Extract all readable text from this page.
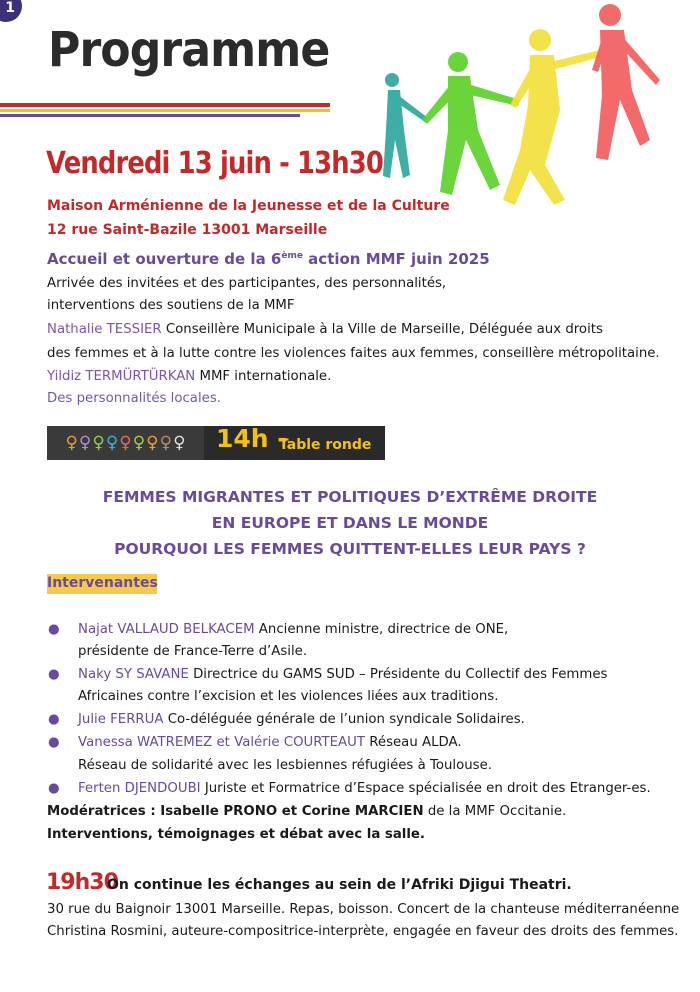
1
Programme
Vendredi 13 juin - 13h30
Maison Arménienne de la Jeunesse et de la Culture
12 rue Saint-Bazile 13001 Marseille
Accueil et ouverture de la 6ème action MMF juin 2025
Arrivée des invitées et des participantes, des personnalités,
interventions des soutiens de la MMF
Nathalie TESSIER Conseillère Municipale à la Ville de Marseille, Déléguée aux droits
des femmes et à la lutte contre les violences faites aux femmes, conseillère métropolitaine.
Yildiz TERMÜRTÜRKAN MMF internationale.
Des personnalités locales.
♀ ♀ ♀ ♀ ♀ ♀ ♀ ♀ ♀ 14h -
Table ronde
FEMMES MIGRANTES ET POLITIQUES D’EXTRÊME DROITE
EN EUROPE ET DANS LE MONDE
POURQUOI LES FEMMES QUITTENT-ELLES LEUR PAYS ?
Intervenantes
● Najat VALLAUD BELKACEM Ancienne ministre, directrice de ONE,
présidente de France-Terre d’Asile.
● Naky SY SAVANE Directrice du GAMS SUD – Présidente du Collectif des Femmes
Africaines contre l’excision et les violences liées aux traditions.
● Julie FERRUA Co-déléguée générale de l’union syndicale Solidaires.
● Vanessa WATREMEZ et Valérie COURTEAUT Réseau ALDA.
Réseau de solidarité avec les lesbiennes réfugiées à Toulouse.
● Ferten DJENDOUBI Juriste et Formatrice d’Espace spécialisée en droit des Etranger-es.
Modératrices : Isabelle PRONO et Corine MARCIEN de la MMF Occitanie.
Interventions, témoignages et débat avec la salle.
19h30
On continue les échanges au sein de l’Afriki Djigui Theatri.
30 rue du Baignoir 13001 Marseille. Repas, boisson. Concert de la chanteuse méditerranéenne
Christina Rosmini, auteure-compositrice-interprète, engagée en faveur des droits des femmes.
